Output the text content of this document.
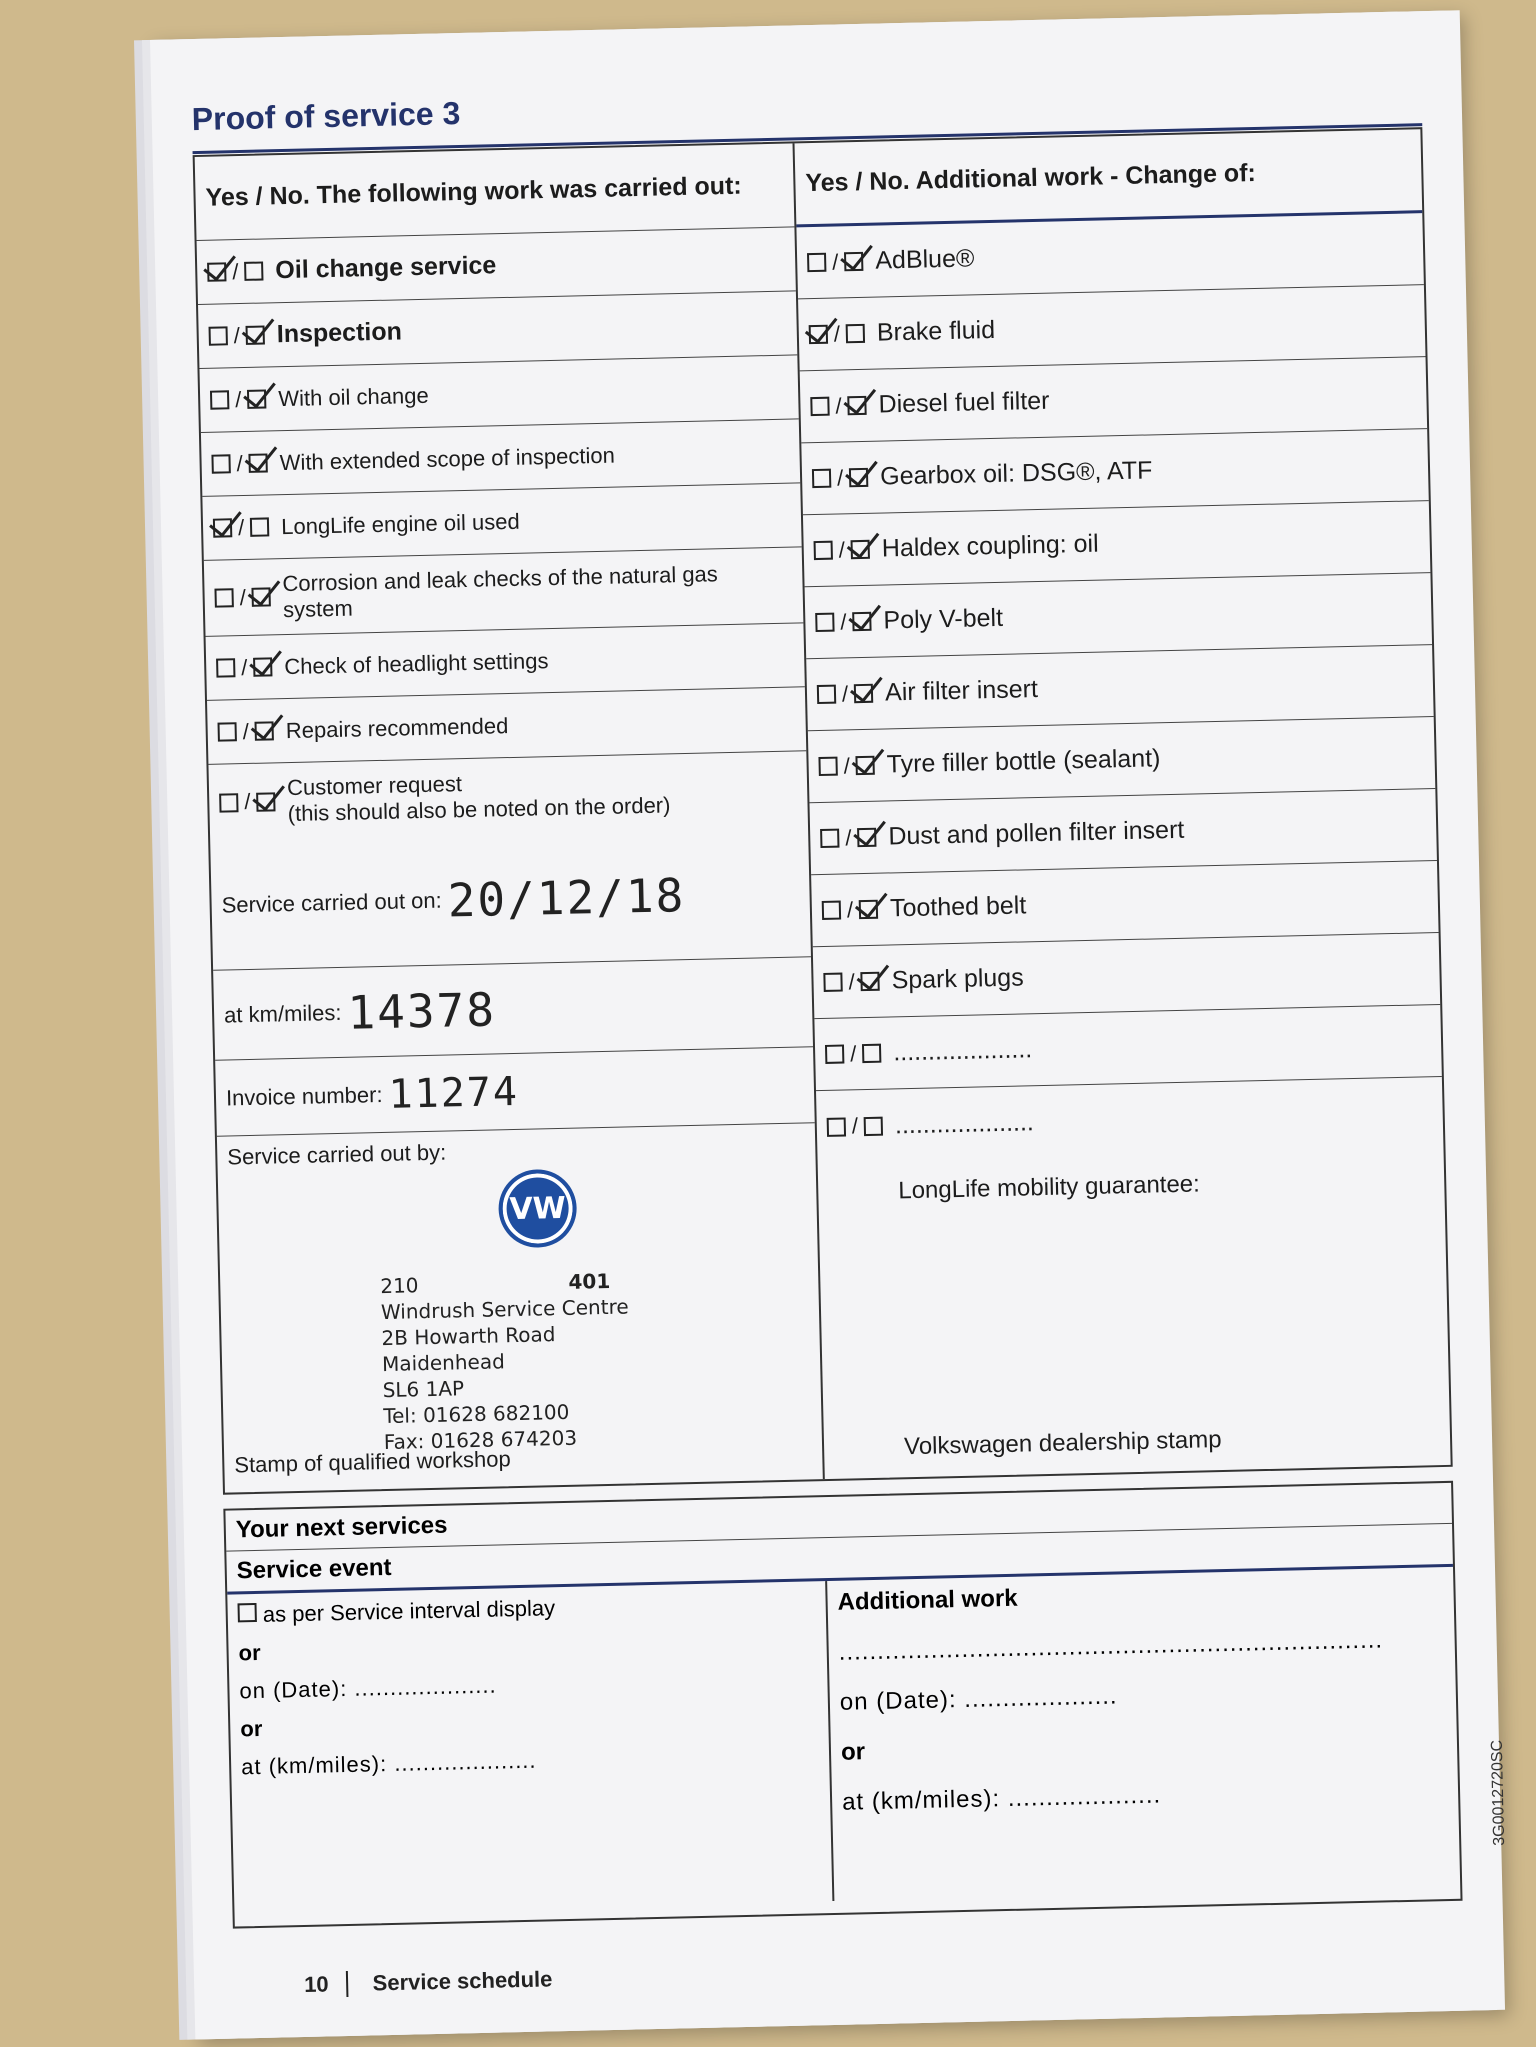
Proof of service 3
Yes / No. The following work was carried out:
/ Oil change service
/ Inspection
/ With oil change
/ With extended scope of inspection
/ LongLife engine oil used
/
Corrosion and leak checks of the natural gas system
/ Check of headlight settings
/ Repairs recommended
/
Customer request
(this should also be noted on the order)
Service carried out on: 20/12/18
at km/miles: 14378
Invoice number: 11274
Service carried out by:
VW
210	401
Windrush Service Centre
2B Howarth Road
Maidenhead
SL6 1AP
Tel: 01628 682100
Fax: 01628 674203
Stamp of qualified workshop
Yes / No. Additional work - Change of:
/ AdBlue®
/ Brake fluid
/ Diesel fuel filter
/ Gearbox oil: DSG®, ATF
/ Haldex coupling: oil
/ Poly V-belt
/ Air filter insert
/ Tyre filler bottle (sealant)
/ Dust and pollen filter insert
/ Toothed belt
/ Spark plugs
/ ....................
/ ....................
LongLife mobility guarantee:
Volkswagen dealership stamp
Your next services
Service event
as per Service interval display
or
on (Date): ....................
or
at (km/miles): ....................
Additional work
.......................................................................
on (Date): ....................
or
at (km/miles): ....................
10	Service schedule
3G0012720SC
